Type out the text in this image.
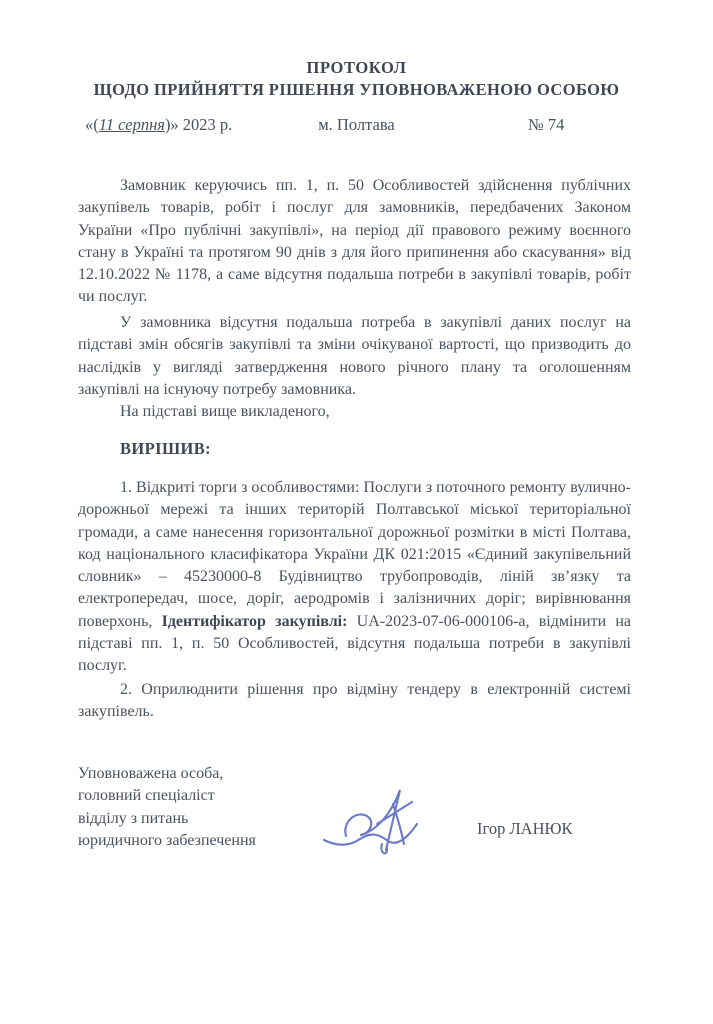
ПРОТОКОЛ
ЩОДО ПРИЙНЯТТЯ РІШЕННЯ УПОВНОВАЖЕНОЮ ОСОБОЮ
«(11 серпня)» 2023 р.	м. Полтава	№ 74

Замовник керуючись пп. 1, п. 50 Особливостей здійснення публічних закупівель товарів, робіт і послуг для замовників, передбачених Законом України «Про публічні закупівлі», на період дії правового режиму воєнного стану в Україні та протягом 90 днів з для його припинення або скасування» від 12.10.2022 № 1178, а саме відсутня подальша потреби в закупівлі товарів, робіт чи послуг.

У замовника відсутня подальша потреба в закупівлі даних послуг на підставі змін обсягів закупівлі та зміни очікуваної вартості, що призводить до наслідків у вигляді затвердження нового річного плану та оголошенням закупівлі на існуючу потребу замовника.

На підставі вище викладеного,

ВИРІШИВ:

1. Відкриті торги з особливостями: Послуги з поточного ремонту вулично-дорожньої мережі та інших територій Полтавської міської територіальної громади, а саме нанесення горизонтальної дорожньої розмітки в місті Полтава, код національного класифікатора України ДК 021:2015 «Єдиний закупівельний словник» – 45230000-8 Будівництво трубопроводів, ліній зв’язку та електропередач, шосе, доріг, аеродромів і залізничних доріг; вирівнювання поверхонь, Ідентифікатор закупівлі: UA-2023-07-06-000106-а, відмінити на підставі пп. 1, п. 50 Особливостей, відсутня подальша потреби в закупівлі послуг.

2. Оприлюднити рішення про відміну тендеру в електронній системі закупівель.

Уповноважена особа,
головний спеціаліст
відділу з питань
юридичного забезпечення
Ігор ЛАНЮК
